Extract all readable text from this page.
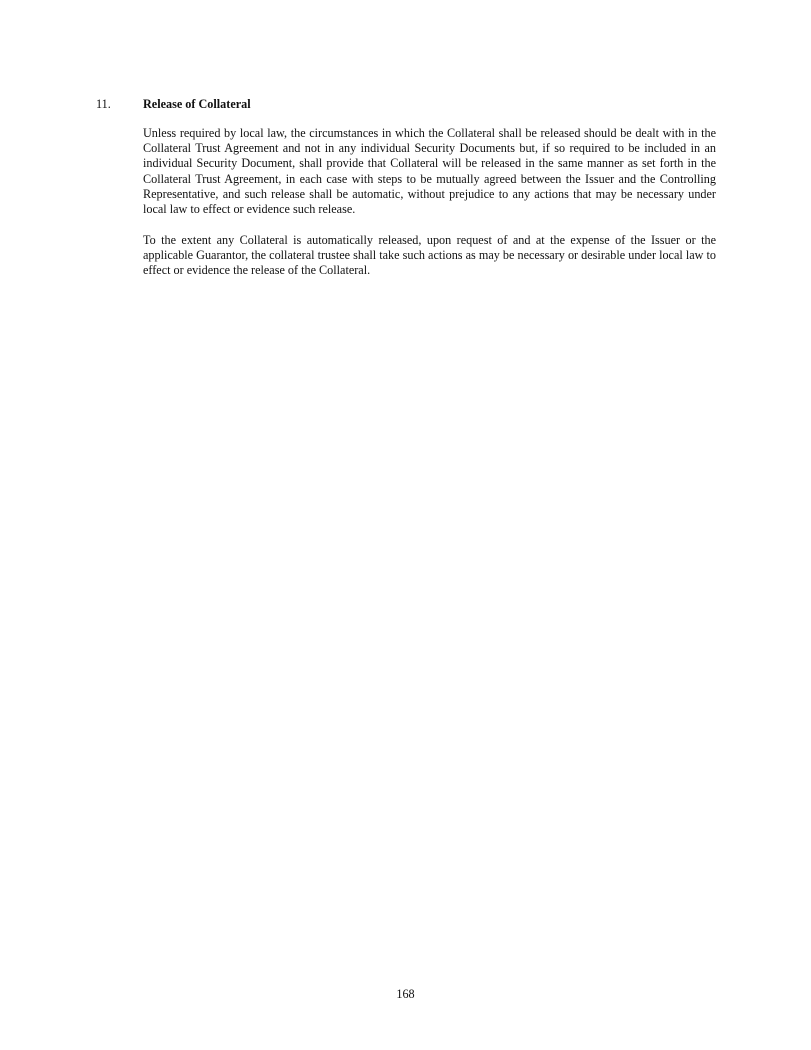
11.	Release of Collateral

Unless required by local law, the circumstances in which the Collateral shall be released should be dealt with in the Collateral Trust Agreement and not in any individual Security Documents but, if so required to be included in an individual Security Document, shall provide that Collateral will be released in the same manner as set forth in the Collateral Trust Agreement, in each case with steps to be mutually agreed between the Issuer and the Controlling Representative, and such release shall be automatic, without prejudice to any actions that may be necessary under local law to effect or evidence such release.

To the extent any Collateral is automatically released, upon request of and at the expense of the Issuer or the applicable Guarantor, the collateral trustee shall take such actions as may be necessary or desirable under local law to effect or evidence the release of the Collateral.

168
